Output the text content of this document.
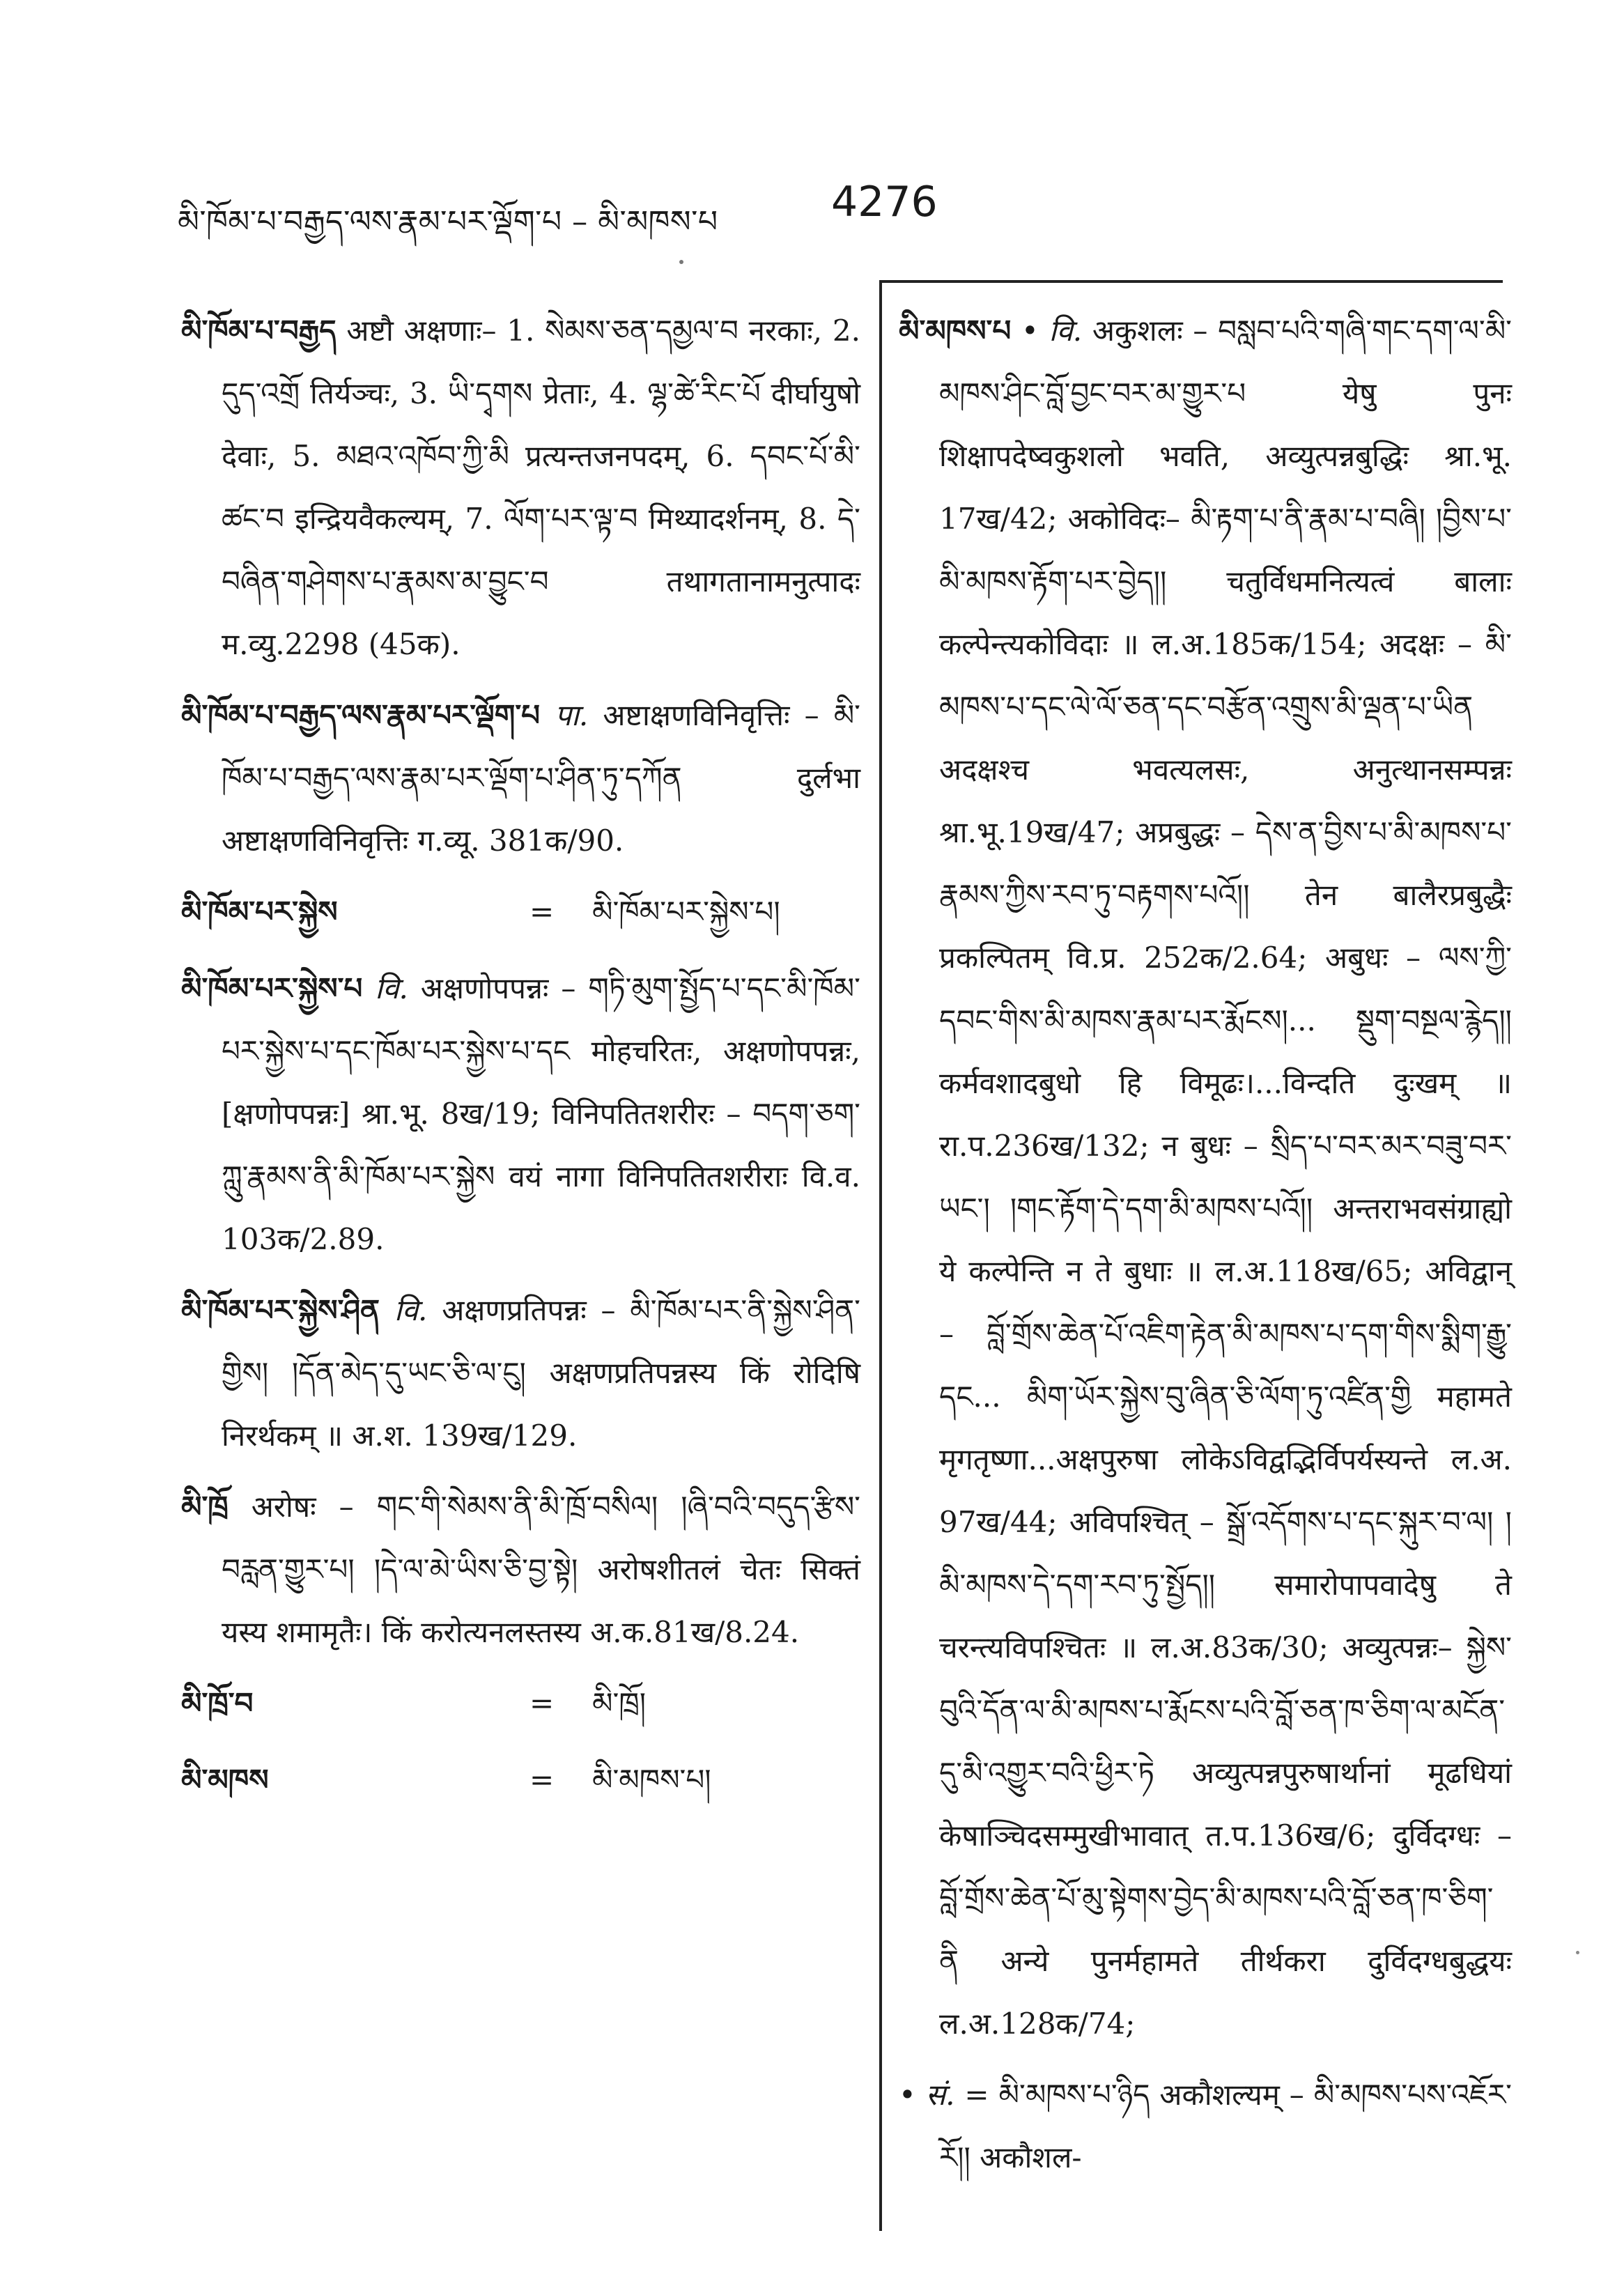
མི་ཁོམ་པ་བརྒྱད་ལས་རྣམ་པར་ལྡོག་པ – མི་མཁས་པ	4276

མི་ཁོམ་པ་བརྒྱད अष्टौ अक्षणाः– 1. སེམས་ཅན་དམྱལ་བ नरकाः, 2. དུད་འགྲོ तिर्यञ्चः, 3. ཡི་དྭགས प्रेताः, 4. ལྷ་ཚེ་རིང་པོ दीर्घायुषो देवाः, 5. མཐའ་འཁོབ་ཀྱི་མི प्रत्यन्तजनपदम्, 6. དབང་པོ་མི་ཚང་བ इन्द्रियवैकल्यम्, 7. ལོག་པར་ལྟ་བ मिथ्यादर्शनम्, 8. དེ་བཞིན་གཤེགས་པ་རྣམས་མ་བྱུང་བ तथागतानामनुत्पादः म.व्यु.2298 (45क).

མི་ཁོམ་པ་བརྒྱད་ལས་རྣམ་པར་ལྡོག་པ पा. अष्टाक्षणविनिवृत्तिः – མི་ཁོམ་པ་བརྒྱད་ལས་རྣམ་པར་ལྡོག་པ་ཤིན་ཏུ་དཀོན दुर्लभा अष्टाक्षणविनिवृत्तिः ग.व्यू. 381क/90.

མི་ཁོམ་པར་སྐྱེས	= མི་ཁོམ་པར་སྐྱེས་པ།

མི་ཁོམ་པར་སྐྱེས་པ वि. अक्षणोपपन्नः – གཏི་མུག་སྤྱོད་པ་དང་མི་ཁོམ་པར་སྐྱེས་པ་དང་ཁོམ་པར་སྐྱེས་པ་དང मोहचरितः, अक्षणोपपन्नः, [क्षणोपपन्नः] श्रा.भू. 8ख/19; विनिपतितशरीरः – བདག་ཅག་ཀླུ་རྣམས་ནི་མི་ཁོམ་པར་སྐྱེས वयं नागा विनिपतितशरीराः वि.व. 103क/2.89.

མི་ཁོམ་པར་སྐྱེས་ཤིན वि. अक्षणप्रतिपन्नः – མི་ཁོམ་པར་ནི་སྐྱེས་ཤིན་གྱིས། །དོན་མེད་དུ་ཡང་ཅི་ལ་ངུ། अक्षणप्रतिपन्नस्य किं रोदिषि निरर्थकम् ॥ अ.श. 139ख/129.

མི་ཁྲོ अरोषः – གང་གི་སེམས་ནི་མི་ཁྲོ་བསིལ། །ཞི་བའི་བདུད་རྩིས་བརླན་གྱུར་པ། །དེ་ལ་མེ་ཡིས་ཅི་བྱ་སྟེ། अरोषशीतलं चेतः सिक्तं यस्य शमामृतैः। किं करोत्यनलस्तस्य अ.क.81ख/8.24.

མི་ཁྲོ་བ	= མི་ཁྲོ།
མི་མཁས	= མི་མཁས་པ།

མི་མཁས་པ • वि. अकुशलः – བསླབ་པའི་གཞི་གང་དག་ལ་མི་མཁས་ཤིང་བློ་བྱང་བར་མ་གྱུར་པ येषु पुनः शिक्षापदेष्वकुशलो भवति, अव्युत्पन्नबुद्धिः श्रा.भू. 17ख/42; अकोविदः– མི་རྟག་པ་ནི་རྣམ་པ་བཞི། །བྱིས་པ་མི་མཁས་རྟོག་པར་བྱེད།། चतुर्विधमनित्यत्वं बालाः कल्पेन्त्यकोविदाः ॥ ल.अ.185क/154; अदक्षः – མི་མཁས་པ་དང་ལེ་ལོ་ཅན་དང་བརྩོན་འགྲུས་མི་ལྡན་པ་ཡིན अदक्षश्च भवत्यलसः, अनुत्थानसम्पन्नः श्रा.भू.19ख/47; अप्रबुद्धः – དེས་ན་བྱིས་པ་མི་མཁས་པ་རྣམས་ཀྱིས་རབ་ཏུ་བརྟགས་པའོ།། तेन बालैरप्रबुद्धैः प्रकल्पितम् वि.प्र. 252क/2.64; अबुधः – ལས་ཀྱི་དབང་གིས་མི་མཁས་རྣམ་པར་རྨོངས།... སྡུག་བསྔལ་རྙེད།། कर्मवशादबुधो हि विमूढः।...विन्दति दुःखम् ॥ रा.प.236ख/132; न बुधः – སྲིད་པ་བར་མར་བཟུ་བར་ཡང་། །གང་རྟོག་དེ་དག་མི་མཁས་པའོ།། अन्तराभवसंग्राह्यो ये कल्पेन्ति न ते बुधाः ॥ ल.अ.118ख/65; अविद्वान् – བློ་གྲོས་ཆེན་པོ་འཇིག་རྟེན་མི་མཁས་པ་དག་གིས་སྨིག་རྒྱུ་དང... མིག་ཡོར་སྐྱེས་བུ་ཞིན་ཅི་ལོག་ཏུ་འཛིན་གྱི महामते मृगतृष्णा...अक्षपुरुषा लोकेऽविद्वद्भिर्विपर्यस्यन्ते ल.अ. 97ख/44; अविपश्चित् – སྒྲོ་འདོགས་པ་དང་སྐུར་བ་ལ། །མི་མཁས་དེ་དག་རབ་ཏུ་སྤྱོད།། समारोपापवादेषु ते चरन्त्यविपश्चितः ॥ ल.अ.83क/30; अव्युत्पन्नः– སྐྱེས་བུའི་དོན་ལ་མི་མཁས་པ་རྨོངས་པའི་བློ་ཅན་ཁ་ཅིག་ལ་མངོན་དུ་མི་འགྱུར་བའི་ཕྱིར་ཏེ अव्युत्पन्नपुरुषार्थानां मूढधियां केषाञ्चिदसम्मुखीभावात् त.प.136ख/6; दुर्विदग्धः – བློ་གྲོས་ཆེན་པོ་མུ་སྟེགས་བྱེད་མི་མཁས་པའི་བློ་ཅན་ཁ་ཅིག་ནི अन्ये पुनर्महामते तीर्थकरा दुर्विदग्धबुद्धयः ल.अ.128क/74;

• सं. = མི་མཁས་པ་ཉིད अकौशल्यम् – མི་མཁས་པས་འཇོར་རོ།། अकौशल-
